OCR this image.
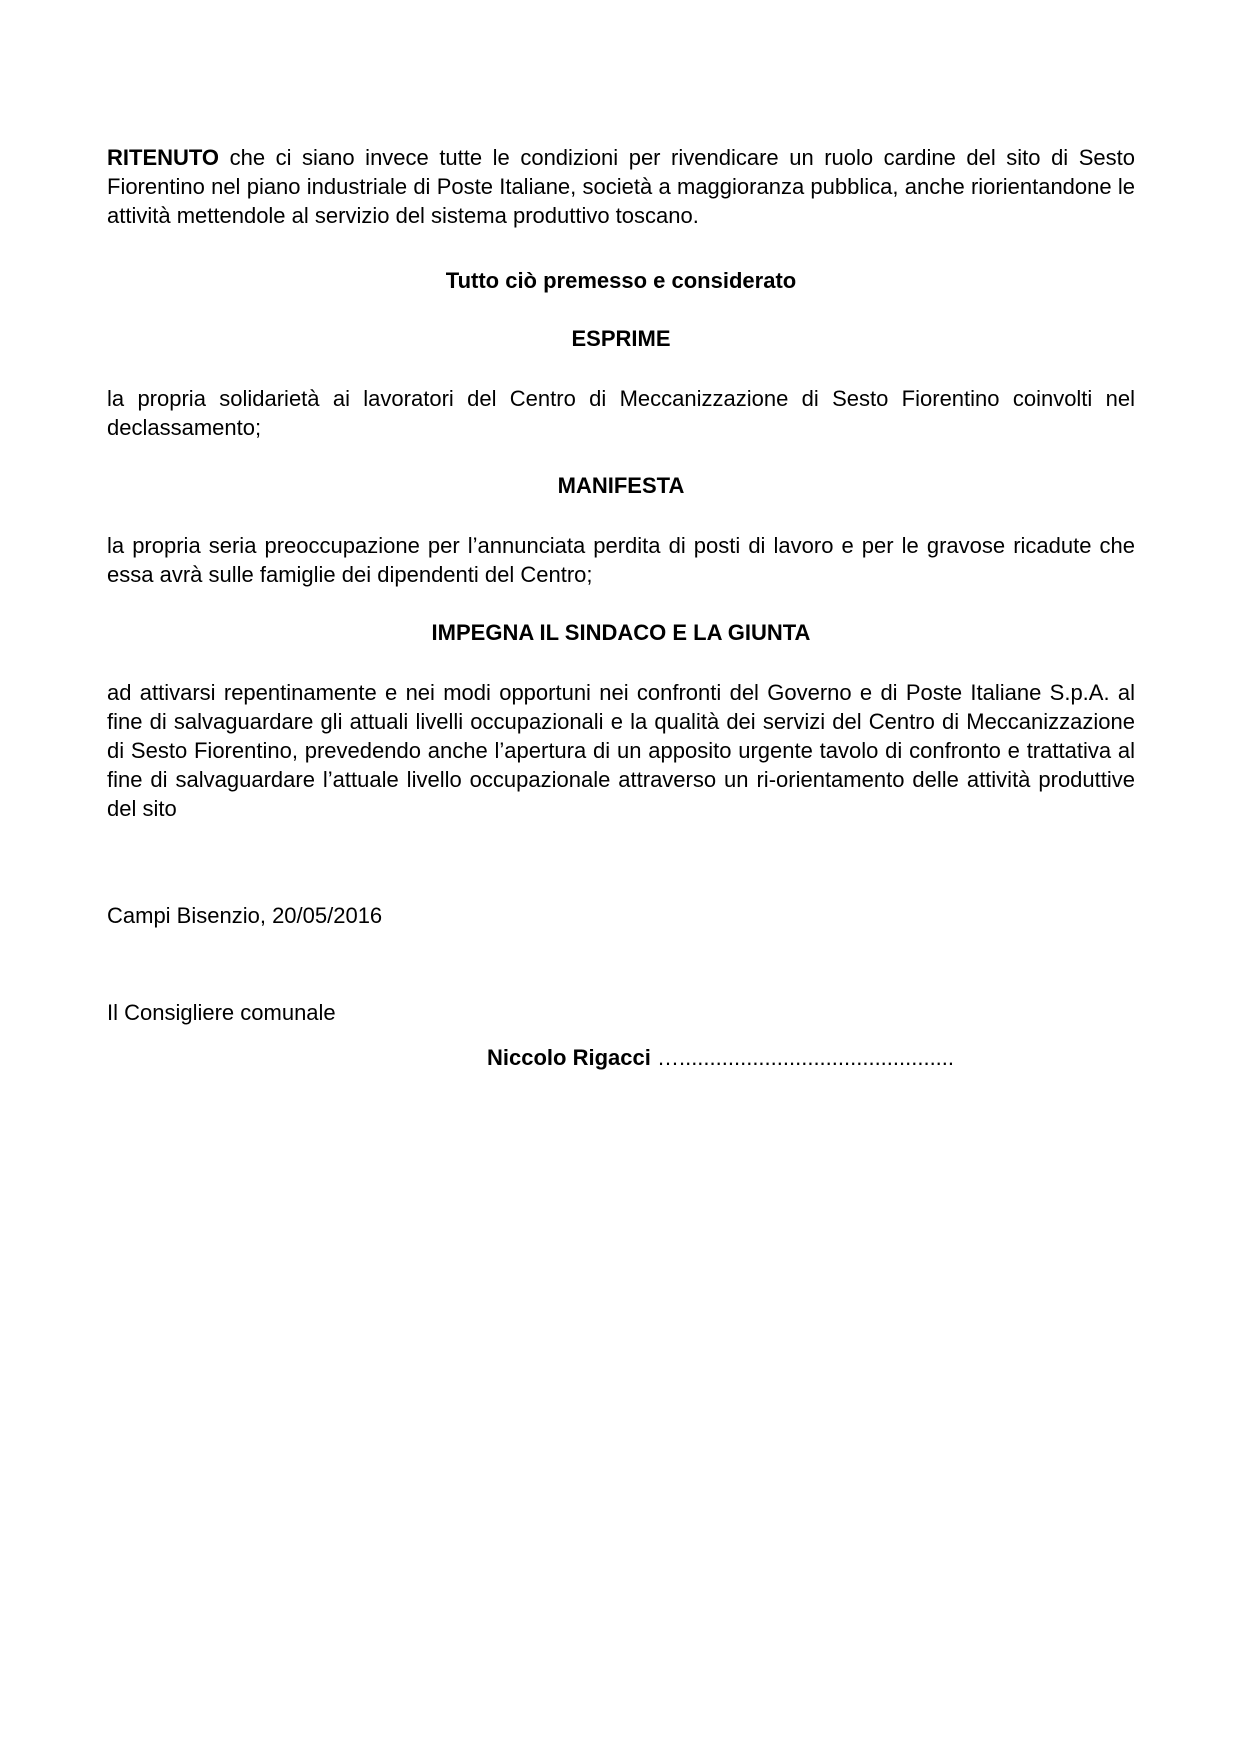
RITENUTO che ci siano invece tutte le condizioni per rivendicare un ruolo cardine del sito di Sesto Fiorentino nel piano industriale di Poste Italiane, società a maggioranza pubblica, anche riorientandone le attività mettendole al servizio del sistema produttivo toscano.

Tutto ciò premesso e considerato

ESPRIME

la propria solidarietà ai lavoratori del Centro di Meccanizzazione di Sesto Fiorentino coinvolti nel declassamento;

MANIFESTA

la propria seria preoccupazione per l’annunciata perdita di posti di lavoro e per le gravose ricadute che essa avrà sulle famiglie dei dipendenti del Centro;

IMPEGNA IL SINDACO E LA GIUNTA

ad attivarsi repentinamente e nei modi opportuni nei confronti del Governo e di Poste Italiane S.p.A. al fine di salvaguardare gli attuali livelli occupazionali e la qualità dei servizi del Centro di Meccanizzazione di Sesto Fiorentino, prevedendo anche l’apertura di un apposito urgente tavolo di confronto e trattativa al fine di salvaguardare l’attuale livello occupazionale attraverso un ri-orientamento delle attività produttive del sito

Campi Bisenzio, 20/05/2016

Il Consigliere comunale

Niccolo Rigacci ….............................................
